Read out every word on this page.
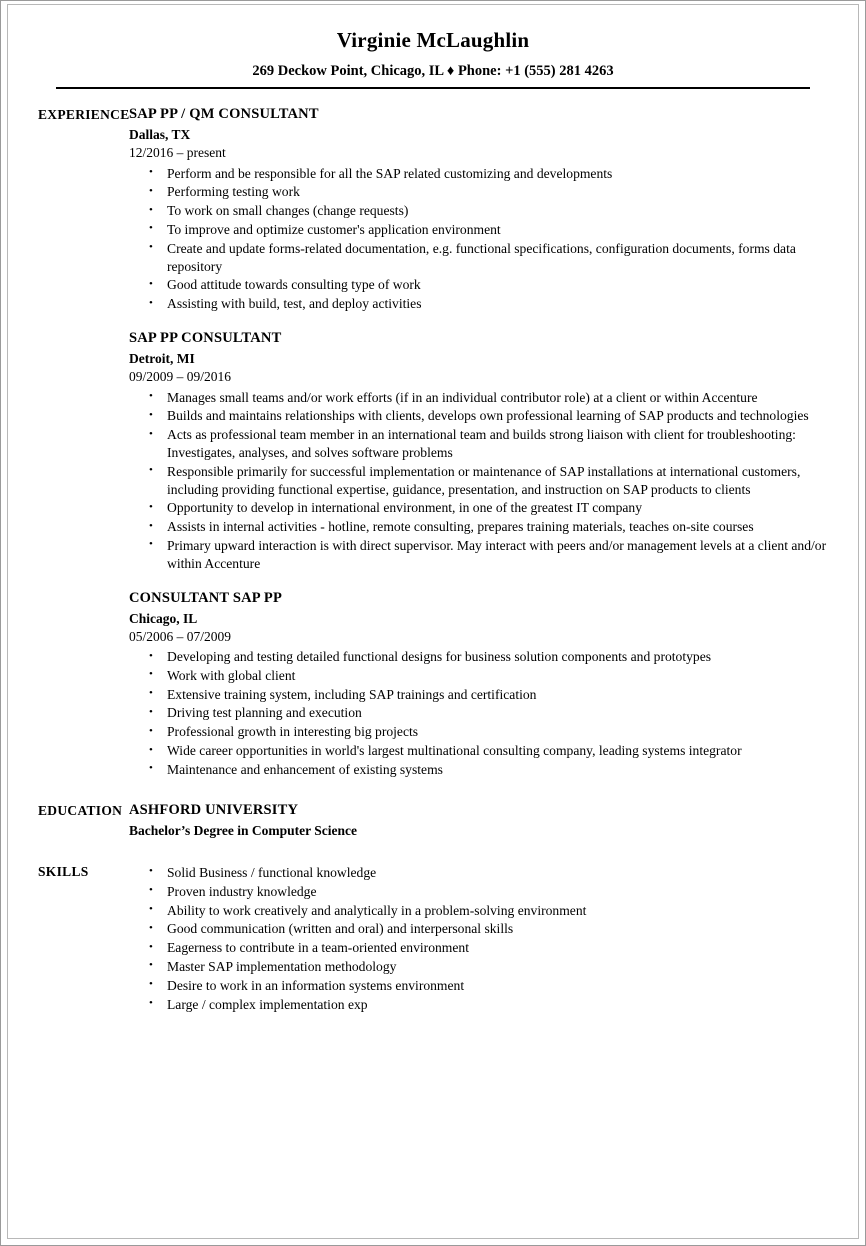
Virginie McLaughlin
269 Deckow Point, Chicago, IL ♦ Phone: +1 (555) 281 4263
EXPERIENCE SAP PP / QM CONSULTANT
Dallas, TX
12/2016 – present
• Perform and be responsible for all the SAP related customizing and developments
• Performing testing work
• To work on small changes (change requests)
• To improve and optimize customer's application environment
• Create and update forms-related documentation, e.g. functional specifications, configuration documents, forms data repository
• Good attitude towards consulting type of work
• Assisting with build, test, and deploy activities
SAP PP CONSULTANT
Detroit, MI
09/2009 – 09/2016
• Manages small teams and/or work efforts (if in an individual contributor role) at a client or within Accenture
• Builds and maintains relationships with clients, develops own professional learning of SAP products and technologies
• Acts as professional team member in an international team and builds strong liaison with client for troubleshooting: Investigates, analyses, and solves software problems
• Responsible primarily for successful implementation or maintenance of SAP installations at international customers, including providing functional expertise, guidance, presentation, and instruction on SAP products to clients
• Opportunity to develop in international environment, in one of the greatest IT company
• Assists in internal activities - hotline, remote consulting, prepares training materials, teaches on-site courses
• Primary upward interaction is with direct supervisor. May interact with peers and/or management levels at a client and/or within Accenture
CONSULTANT SAP PP
Chicago, IL
05/2006 – 07/2009
• Developing and testing detailed functional designs for business solution components and prototypes
• Work with global client
• Extensive training system, including SAP trainings and certification
• Driving test planning and execution
• Professional growth in interesting big projects
• Wide career opportunities in world's largest multinational consulting company, leading systems integrator
• Maintenance and enhancement of existing systems
EDUCATION ASHFORD UNIVERSITY
Bachelor’s Degree in Computer Science
SKILLS	• Solid Business / functional knowledge
• Proven industry knowledge
• Ability to work creatively and analytically in a problem-solving environment
• Good communication (written and oral) and interpersonal skills
• Eagerness to contribute in a team-oriented environment
• Master SAP implementation methodology
• Desire to work in an information systems environment
• Large / complex implementation exp
